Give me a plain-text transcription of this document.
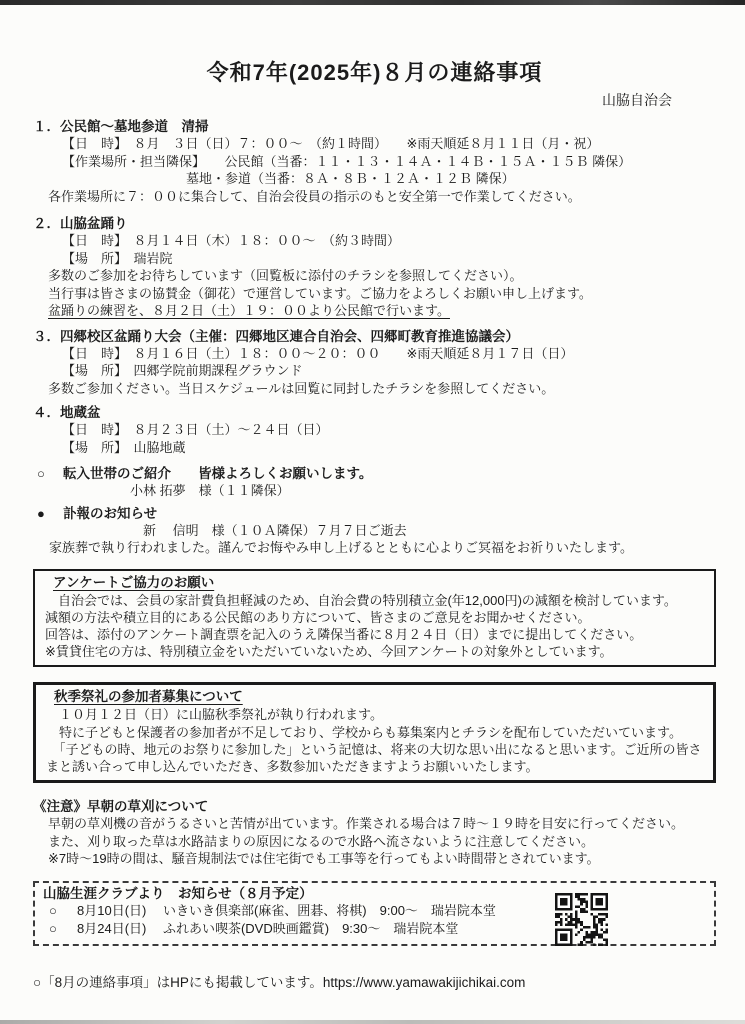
令和7年(2025年)８月の連絡事項
山脇自治会
１．公民館～墓地参道　清掃
【日　時】　８月　３日（日）７：００～　（約１時間）　　※雨天順延８月１１日（月・祝）
【作業場所・担当隣保】　　公民館（当番：１１・１３・１４Ａ・１４Ｂ・１５Ａ・１５Ｂ 隣保）
墓地・参道（当番：８Ａ・８Ｂ・１２Ａ・１２Ｂ 隣保）
各作業場所に７：００に集合して、自治会役員の指示のもと安全第一で作業してください。
２．山脇盆踊り
【日　時】　８月１４日（木）１８：００～　（約３時間）
【場　所】　瑞岩院
多数のご参加をお待ちしています（回覧板に添付のチラシを参照してください）。
当行事は皆さまの協賛金（御花）で運営しています。ご協力をよろしくお願い申し上げます。
盆踊りの練習を、８月２日（土）１９：００より公民館で行います。
３．四郷校区盆踊り大会（主催：四郷地区連合自治会、四郷町教育推進協議会）
【日　時】　８月１６日（土）１８：００～２０：００　　※雨天順延８月１７日（日）
【場　所】　四郷学院前期課程グラウンド
多数ご参加ください。当日スケジュールは回覧に同封したチラシを参照してください。
４．地蔵盆
【日　時】　８月２３日（土）～２４日（日）
【場　所】　山脇地蔵
○	転入世帯のご紹介　　皆様よろしくお願いします。
小林 拓夢　様（１１隣保）
●	訃報のお知らせ
新　 信明　様（１０Ａ隣保）７月７日ご逝去
家族葬で執り行われました。謹んでお悔やみ申し上げるとともに心よりご冥福をお祈りいたします。
アンケートご協力のお願い
　自治会では、会員の家計費負担軽減のため、自治会費の特別積立金(年12,000円)の減額を検討しています。
減額の方法や積立目的にある公民館のあり方について、皆さまのご意見をお聞かせください。
回答は、添付のアンケート調査票を記入のうえ隣保当番に８月２４日（日）までに提出してください。
※賃貸住宅の方は、特別積立金をいただいていないため、今回アンケートの対象外としています。
秋季祭礼の参加者募集について
　１０月１２日（日）に山脇秋季祭礼が執り行われます。
　特に子どもと保護者の参加者が不足しており、学校からも募集案内とチラシを配布していただいています。
　「子どもの時、地元のお祭りに参加した」という記憶は、将来の大切な思い出になると思います。ご近所の皆さ
まと誘い合って申し込んでいただき、多数参加いただきますようお願いいたします。
《注意》早朝の草刈について
早朝の草刈機の音がうるさいと苦情が出ています。作業される場合は７時～１９時を目安に行ってください。
また、刈り取った草は水路詰まりの原因になるので水路へ流さないように注意してください。
※7時～19時の間は、騒音規制法では住宅街でも工事等を行ってもよい時間帯とされています。
山脇生涯クラブより　お知らせ（８月予定）
○	8月10日(日)　 いきいき倶楽部(麻雀、囲碁、将棋)　9:00～　瑞岩院本堂
○	8月24日(日)　 ふれあい喫茶(DVD映画鑑賞)　9:30～　瑞岩院本堂
○「8月の連絡事項」はHPにも掲載しています。https://www.yamawakijichikai.com
